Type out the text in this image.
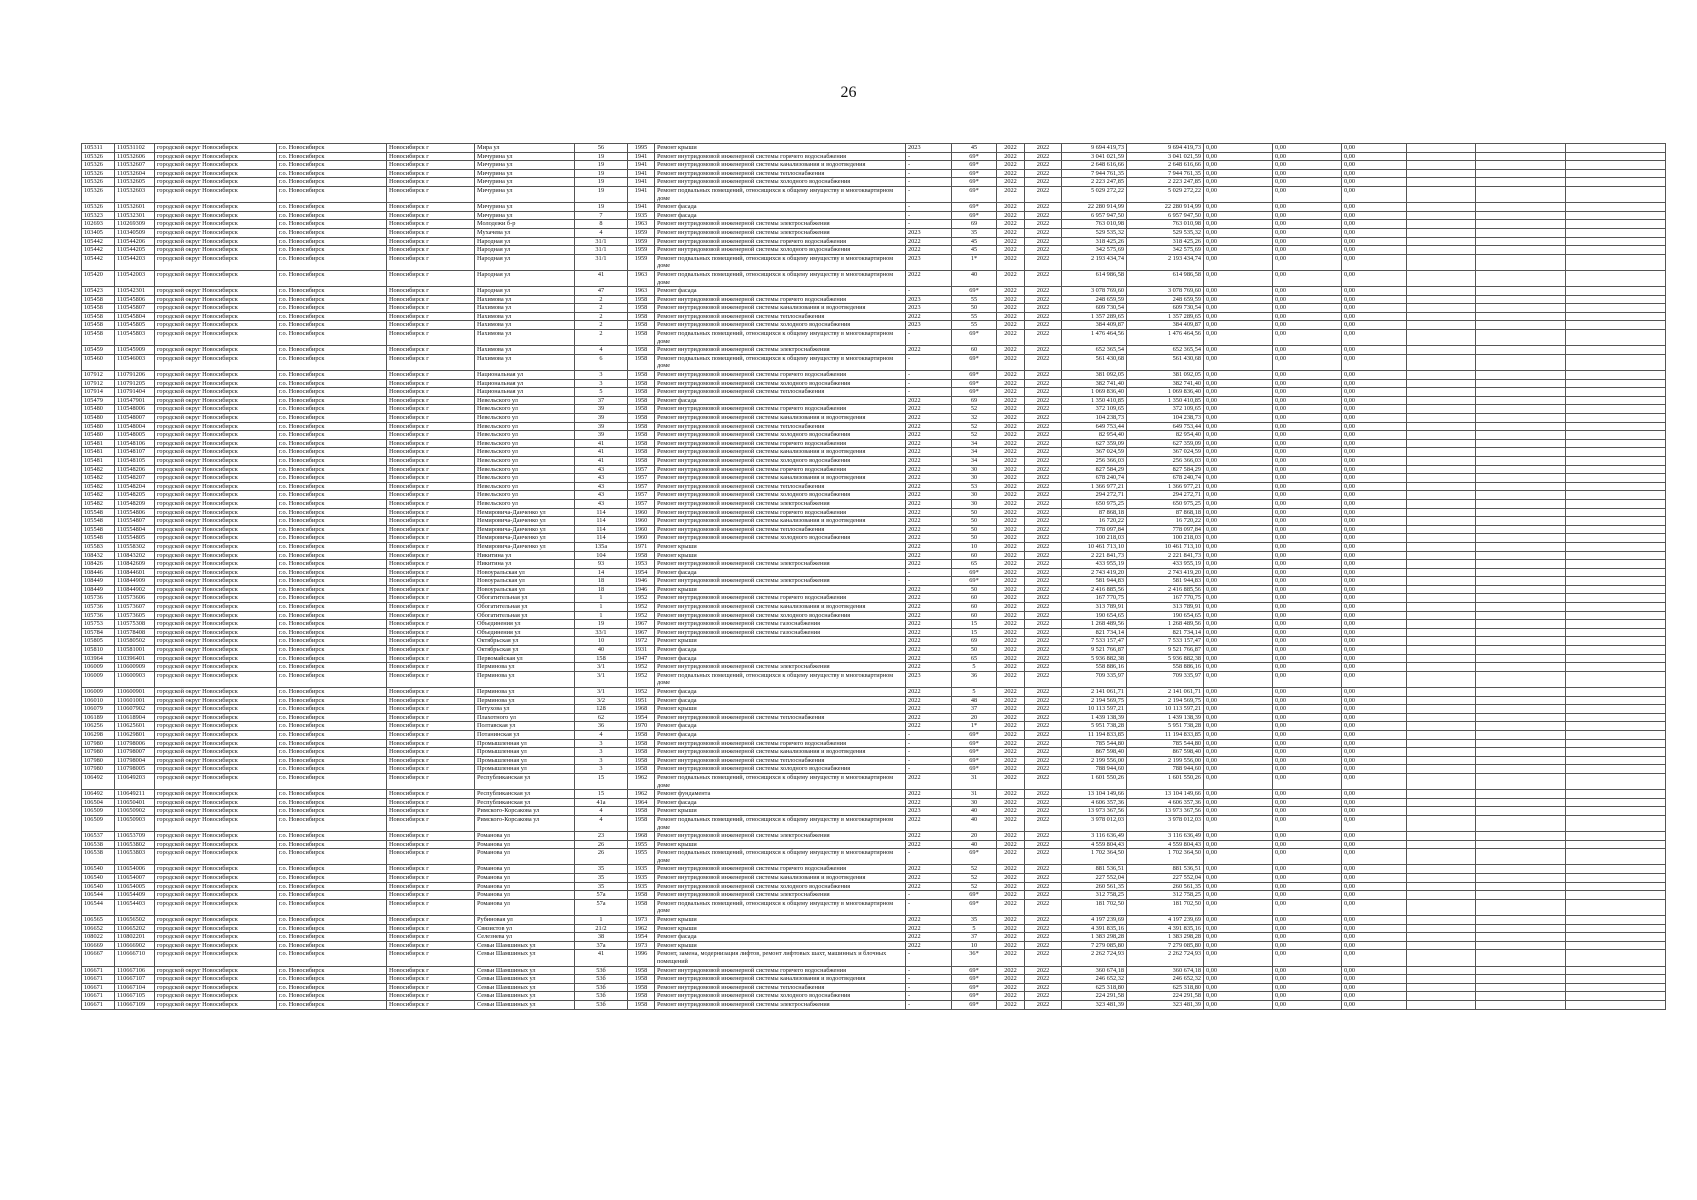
26
105311	110531102	городской округ Новосибирск	г.о. Новосибирск	Новосибирск г	Мира ул	56	1995	Ремонт крыши	2023	45	2022	2022	9 694 419,73	9 694 419,73	0,00	0,00	0,00			
105326	110532606	городской округ Новосибирск	г.о. Новосибирск	Новосибирск г	Мичурина ул	19	1941	Ремонт внутридомовой инженерной системы горячего водоснабжения	-	69*	2022	2022	3 041 021,59	3 041 021,59	0,00	0,00	0,00			
105326	110532607	городской округ Новосибирск	г.о. Новосибирск	Новосибирск г	Мичурина ул	19	1941	Ремонт внутридомовой инженерной системы канализования и водоотведения	-	69*	2022	2022	2 648 616,66	2 648 616,66	0,00	0,00	0,00			
105326	110532604	городской округ Новосибирск	г.о. Новосибирск	Новосибирск г	Мичурина ул	19	1941	Ремонт внутридомовой инженерной системы теплоснабжения	-	69*	2022	2022	7 944 761,35	7 944 761,35	0,00	0,00	0,00			
105326	110532605	городской округ Новосибирск	г.о. Новосибирск	Новосибирск г	Мичурина ул	19	1941	Ремонт внутридомовой инженерной системы холодного водоснабжения	-	69*	2022	2022	2 223 247,85	2 223 247,85	0,00	0,00	0,00			
105326	110532603	городской округ Новосибирск	г.о. Новосибирск	Новосибирск г	Мичурина ул	19	1941	Ремонт подвальных помещений, относящихся к общему имуществу в многоквартирном доме	-	69*	2022	2022	5 029 272,22	5 029 272,22	0,00	0,00	0,00			
105326	110532601	городской округ Новосибирск	г.о. Новосибирск	Новосибирск г	Мичурина ул	19	1941	Ремонт фасада	-	69*	2022	2022	22 280 914,99	22 280 914,99	0,00	0,00	0,00			
105323	110532301	городской округ Новосибирск	г.о. Новосибирск	Новосибирск г	Мичурина ул	7	1935	Ремонт фасада	-	69*	2022	2022	6 957 947,50	6 957 947,50	0,00	0,00	0,00			
102693	110269309	городской округ Новосибирск	г.о. Новосибирск	Новосибирск г	Молодежи б-р	8	1963	Ремонт внутридомовой инженерной системы электроснабжения	-	69	2022	2022	763 010,98	763 010,98	0,00	0,00	0,00			
103405	110340509	городской округ Новосибирск	г.о. Новосибирск	Новосибирск г	Мухачева ул	4	1959	Ремонт внутридомовой инженерной системы электроснабжения	2023	35	2022	2022	529 535,32	529 535,32	0,00	0,00	0,00			
105442	110544206	городской округ Новосибирск	г.о. Новосибирск	Новосибирск г	Народная ул	31/1	1959	Ремонт внутридомовой инженерной системы горячего водоснабжения	2022	45	2022	2022	318 425,26	318 425,26	0,00	0,00	0,00			
105442	110544205	городской округ Новосибирск	г.о. Новосибирск	Новосибирск г	Народная ул	31/1	1959	Ремонт внутридомовой инженерной системы холодного водоснабжения	2022	45	2022	2022	342 575,69	342 575,69	0,00	0,00	0,00			
105442	110544203	городской округ Новосибирск	г.о. Новосибирск	Новосибирск г	Народная ул	31/1	1959	Ремонт подвальных помещений, относящихся к общему имуществу в многоквартирном доме	2023	1*	2022	2022	2 193 434,74	2 193 434,74	0,00	0,00	0,00			
105420	110542003	городской округ Новосибирск	г.о. Новосибирск	Новосибирск г	Народная ул	41	1963	Ремонт подвальных помещений, относящихся к общему имуществу в многоквартирном доме	2022	40	2022	2022	614 986,58	614 986,58	0,00	0,00	0,00			
105423	110542301	городской округ Новосибирск	г.о. Новосибирск	Новосибирск г	Народная ул	47	1963	Ремонт фасада	-	69*	2022	2022	3 078 769,60	3 078 769,60	0,00	0,00	0,00			
105458	110545806	городской округ Новосибирск	г.о. Новосибирск	Новосибирск г	Нахимова ул	2	1958	Ремонт внутридомовой инженерной системы горячего водоснабжения	2023	55	2022	2022	248 659,59	248 659,59	0,00	0,00	0,00			
105458	110545807	городской округ Новосибирск	г.о. Новосибирск	Новосибирск г	Нахимова ул	2	1958	Ремонт внутридомовой инженерной системы канализования и водоотведения	2023	50	2022	2022	609 730,54	609 730,54	0,00	0,00	0,00			
105458	110545804	городской округ Новосибирск	г.о. Новосибирск	Новосибирск г	Нахимова ул	2	1958	Ремонт внутридомовой инженерной системы теплоснабжения	2022	55	2022	2022	1 357 289,65	1 357 289,65	0,00	0,00	0,00			
105458	110545805	городской округ Новосибирск	г.о. Новосибирск	Новосибирск г	Нахимова ул	2	1958	Ремонт внутридомовой инженерной системы холодного водоснабжения	2023	55	2022	2022	384 409,87	384 409,87	0,00	0,00	0,00			
105458	110545803	городской округ Новосибирск	г.о. Новосибирск	Новосибирск г	Нахимова ул	2	1958	Ремонт подвальных помещений, относящихся к общему имуществу в многоквартирном доме	-	69*	2022	2022	1 476 464,56	1 476 464,56	0,00	0,00	0,00			
105459	110545909	городской округ Новосибирск	г.о. Новосибирск	Новосибирск г	Нахимова ул	4	1958	Ремонт внутридомовой инженерной системы электроснабжения	2022	60	2022	2022	652 365,54	652 365,54	0,00	0,00	0,00			
105460	110546003	городской округ Новосибирск	г.о. Новосибирск	Новосибирск г	Нахимова ул	6	1958	Ремонт подвальных помещений, относящихся к общему имуществу в многоквартирном доме	-	69*	2022	2022	561 430,68	561 430,68	0,00	0,00	0,00			
107912	110791206	городской округ Новосибирск	г.о. Новосибирск	Новосибирск г	Национальная ул	3	1958	Ремонт внутридомовой инженерной системы горячего водоснабжения	-	69*	2022	2022	381 092,05	381 092,05	0,00	0,00	0,00			
107912	110791205	городской округ Новосибирск	г.о. Новосибирск	Новосибирск г	Национальная ул	3	1958	Ремонт внутридомовой инженерной системы холодного водоснабжения	-	69*	2022	2022	382 741,40	382 741,40	0,00	0,00	0,00			
107914	110791404	городской округ Новосибирск	г.о. Новосибирск	Новосибирск г	Национальная ул	5	1958	Ремонт внутридомовой инженерной системы теплоснабжения	-	69*	2022	2022	1 069 836,40	1 069 836,40	0,00	0,00	0,00			
105479	110547901	городской округ Новосибирск	г.о. Новосибирск	Новосибирск г	Невельского ул	37	1958	Ремонт фасада	2022	69	2022	2022	1 350 410,85	1 350 410,85	0,00	0,00	0,00			
105480	110548006	городской округ Новосибирск	г.о. Новосибирск	Новосибирск г	Невельского ул	39	1958	Ремонт внутридомовой инженерной системы горячего водоснабжения	2022	52	2022	2022	372 109,65	372 109,65	0,00	0,00	0,00			
105480	110548007	городской округ Новосибирск	г.о. Новосибирск	Новосибирск г	Невельского ул	39	1958	Ремонт внутридомовой инженерной системы канализования и водоотведения	2022	32	2022	2022	104 238,73	104 238,73	0,00	0,00	0,00			
105480	110548004	городской округ Новосибирск	г.о. Новосибирск	Новосибирск г	Невельского ул	39	1958	Ремонт внутридомовой инженерной системы теплоснабжения	2022	52	2022	2022	649 753,44	649 753,44	0,00	0,00	0,00			
105480	110548005	городской округ Новосибирск	г.о. Новосибирск	Новосибирск г	Невельского ул	39	1958	Ремонт внутридомовой инженерной системы холодного водоснабжения	2022	52	2022	2022	82 954,40	82 954,40	0,00	0,00	0,00			
105481	110548106	городской округ Новосибирск	г.о. Новосибирск	Новосибирск г	Невельского ул	41	1958	Ремонт внутридомовой инженерной системы горячего водоснабжения	2022	34	2022	2022	627 359,09	627 359,09	0,00	0,00	0,00			
105481	110548107	городской округ Новосибирск	г.о. Новосибирск	Новосибирск г	Невельского ул	41	1958	Ремонт внутридомовой инженерной системы канализования и водоотведения	2022	34	2022	2022	367 024,59	367 024,59	0,00	0,00	0,00			
105481	110548105	городской округ Новосибирск	г.о. Новосибирск	Новосибирск г	Невельского ул	41	1958	Ремонт внутридомовой инженерной системы холодного водоснабжения	2022	34	2022	2022	256 366,03	256 366,03	0,00	0,00	0,00			
105482	110548206	городской округ Новосибирск	г.о. Новосибирск	Новосибирск г	Невельского ул	43	1957	Ремонт внутридомовой инженерной системы горячего водоснабжения	2022	30	2022	2022	827 584,29	827 584,29	0,00	0,00	0,00			
105482	110548207	городской округ Новосибирск	г.о. Новосибирск	Новосибирск г	Невельского ул	43	1957	Ремонт внутридомовой инженерной системы канализования и водоотведения	2022	30	2022	2022	678 240,74	678 240,74	0,00	0,00	0,00			
105482	110548204	городской округ Новосибирск	г.о. Новосибирск	Новосибирск г	Невельского ул	43	1957	Ремонт внутридомовой инженерной системы теплоснабжения	2022	53	2022	2022	1 366 977,21	1 366 977,21	0,00	0,00	0,00			
105482	110548205	городской округ Новосибирск	г.о. Новосибирск	Новосибирск г	Невельского ул	43	1957	Ремонт внутридомовой инженерной системы холодного водоснабжения	2022	30	2022	2022	294 272,71	294 272,71	0,00	0,00	0,00			
105482	110548209	городской округ Новосибирск	г.о. Новосибирск	Новосибирск г	Невельского ул	43	1957	Ремонт внутридомовой инженерной системы электроснабжения	2022	30	2022	2022	650 975,25	650 975,25	0,00	0,00	0,00			
105548	110554806	городской округ Новосибирск	г.о. Новосибирск	Новосибирск г	Немировича-Данченко ул	114	1960	Ремонт внутридомовой инженерной системы горячего водоснабжения	2022	50	2022	2022	87 868,18	87 868,18	0,00	0,00	0,00			
105548	110554807	городской округ Новосибирск	г.о. Новосибирск	Новосибирск г	Немировича-Данченко ул	114	1960	Ремонт внутридомовой инженерной системы канализования и водоотведения	2022	50	2022	2022	16 720,22	16 720,22	0,00	0,00	0,00			
105548	110554804	городской округ Новосибирск	г.о. Новосибирск	Новосибирск г	Немировича-Данченко ул	114	1960	Ремонт внутридомовой инженерной системы теплоснабжения	2022	50	2022	2022	778 097,84	778 097,84	0,00	0,00	0,00			
105548	110554805	городской округ Новосибирск	г.о. Новосибирск	Новосибирск г	Немировича-Данченко ул	114	1960	Ремонт внутридомовой инженерной системы холодного водоснабжения	2022	50	2022	2022	100 218,03	100 218,03	0,00	0,00	0,00			
105583	110558302	городской округ Новосибирск	г.о. Новосибирск	Новосибирск г	Немировича-Данченко ул	135а	1971	Ремонт крыши	2022	10	2022	2022	10 461 713,10	10 461 713,10	0,00	0,00	0,00			
108432	110843202	городской округ Новосибирск	г.о. Новосибирск	Новосибирск г	Никитина ул	104	1958	Ремонт крыши	2022	60	2022	2022	2 221 841,73	2 221 841,73	0,00	0,00	0,00			
108426	110842609	городской округ Новосибирск	г.о. Новосибирск	Новосибирск г	Никитина ул	93	1953	Ремонт внутридомовой инженерной системы электроснабжения	2022	65	2022	2022	433 955,19	433 955,19	0,00	0,00	0,00			
108446	110844601	городской округ Новосибирск	г.о. Новосибирск	Новосибирск г	Новоуральская ул	14	1954	Ремонт фасада	-	69*	2022	2022	2 743 419,20	2 743 419,20	0,00	0,00	0,00			
108449	110844909	городской округ Новосибирск	г.о. Новосибирск	Новосибирск г	Новоуральская ул	18	1946	Ремонт внутридомовой инженерной системы электроснабжения	-	69*	2022	2022	581 944,83	581 944,83	0,00	0,00	0,00			
108449	110844902	городской округ Новосибирск	г.о. Новосибирск	Новосибирск г	Новоуральская ул	18	1946	Ремонт крыши	2022	50	2022	2022	2 416 885,56	2 416 885,56	0,00	0,00	0,00			
105736	110573606	городской округ Новосибирск	г.о. Новосибирск	Новосибирск г	Обогатительная ул	1	1952	Ремонт внутридомовой инженерной системы горячего водоснабжения	2022	60	2022	2022	167 770,75	167 770,75	0,00	0,00	0,00			
105736	110573607	городской округ Новосибирск	г.о. Новосибирск	Новосибирск г	Обогатительная ул	1	1952	Ремонт внутридомовой инженерной системы канализования и водоотведения	2022	60	2022	2022	313 789,91	313 789,91	0,00	0,00	0,00			
105736	110573605	городской округ Новосибирск	г.о. Новосибирск	Новосибирск г	Обогатительная ул	1	1952	Ремонт внутридомовой инженерной системы холодного водоснабжения	2022	60	2022	2022	190 654,65	190 654,65	0,00	0,00	0,00			
105753	110575308	городской округ Новосибирск	г.о. Новосибирск	Новосибирск г	Объединения ул	19	1967	Ремонт внутридомовой инженерной системы газоснабжения	2022	15	2022	2022	1 268 489,56	1 268 489,56	0,00	0,00	0,00			
105784	110578408	городской округ Новосибирск	г.о. Новосибирск	Новосибирск г	Объединения ул	33/1	1967	Ремонт внутридомовой инженерной системы газоснабжения	2022	15	2022	2022	821 734,14	821 734,14	0,00	0,00	0,00			
105805	110580502	городской округ Новосибирск	г.о. Новосибирск	Новосибирск г	Октябрьская ул	10	1972	Ремонт крыши	2022	69	2022	2022	7 533 157,47	7 533 157,47	0,00	0,00	0,00			
105810	110581001	городской округ Новосибирск	г.о. Новосибирск	Новосибирск г	Октябрьская ул	40	1931	Ремонт фасада	2022	50	2022	2022	9 521 766,87	9 521 766,87	0,00	0,00	0,00			
103964	110396401	городской округ Новосибирск	г.о. Новосибирск	Новосибирск г	Первомайская ул	158	1947	Ремонт фасада	2022	65	2022	2022	5 936 882,38	5 936 882,38	0,00	0,00	0,00			
106009	110600909	городской округ Новосибирск	г.о. Новосибирск	Новосибирск г	Перминова ул	3/1	1952	Ремонт внутридомовой инженерной системы электроснабжения	2022	5	2022	2022	558 886,16	558 886,16	0,00	0,00	0,00			
106009	110600903	городской округ Новосибирск	г.о. Новосибирск	Новосибирск г	Перминова ул	3/1	1952	Ремонт подвальных помещений, относящихся к общему имуществу в многоквартирном доме	2023	36	2022	2022	709 335,97	709 335,97	0,00	0,00	0,00			
106009	110600901	городской округ Новосибирск	г.о. Новосибирск	Новосибирск г	Перминова ул	3/1	1952	Ремонт фасада	2022	5	2022	2022	2 141 061,71	2 141 061,71	0,00	0,00	0,00			
106010	110601001	городской округ Новосибирск	г.о. Новосибирск	Новосибирск г	Перминова ул	3/2	1951	Ремонт фасада	2022	48	2022	2022	2 194 569,75	2 194 569,75	0,00	0,00	0,00			
106079	110607902	городской округ Новосибирск	г.о. Новосибирск	Новосибирск г	Петухова ул	128	1968	Ремонт крыши	2022	37	2022	2022	10 113 597,21	10 113 597,21	0,00	0,00	0,00			
106189	110618904	городской округ Новосибирск	г.о. Новосибирск	Новосибирск г	Плахотного ул	62	1954	Ремонт внутридомовой инженерной системы теплоснабжения	2022	20	2022	2022	1 439 138,39	1 439 138,39	0,00	0,00	0,00			
106256	110625601	городской округ Новосибирск	г.о. Новосибирск	Новосибирск г	Полтавская ул	36	1970	Ремонт фасада	2022	1*	2022	2022	5 951 738,28	5 951 738,28	0,00	0,00	0,00			
106298	110629801	городской округ Новосибирск	г.о. Новосибирск	Новосибирск г	Потанинская ул	4	1958	Ремонт фасада	-	69*	2022	2022	11 194 833,85	11 194 833,85	0,00	0,00	0,00			
107980	110798006	городской округ Новосибирск	г.о. Новосибирск	Новосибирск г	Промышленная ул	3	1958	Ремонт внутридомовой инженерной системы горячего водоснабжения	-	69*	2022	2022	785 544,80	785 544,80	0,00	0,00	0,00			
107980	110798007	городской округ Новосибирск	г.о. Новосибирск	Новосибирск г	Промышленная ул	3	1958	Ремонт внутридомовой инженерной системы канализования и водоотведения	-	69*	2022	2022	867 598,40	867 598,40	0,00	0,00	0,00			
107980	110798004	городской округ Новосибирск	г.о. Новосибирск	Новосибирск г	Промышленная ул	3	1958	Ремонт внутридомовой инженерной системы теплоснабжения	-	69*	2022	2022	2 199 556,00	2 199 556,00	0,00	0,00	0,00			
107980	110798005	городской округ Новосибирск	г.о. Новосибирск	Новосибирск г	Промышленная ул	3	1958	Ремонт внутридомовой инженерной системы холодного водоснабжения	-	69*	2022	2022	788 944,60	788 944,60	0,00	0,00	0,00			
106492	110649203	городской округ Новосибирск	г.о. Новосибирск	Новосибирск г	Республиканская ул	15	1962	Ремонт подвальных помещений, относящихся к общему имуществу в многоквартирном доме	2022	31	2022	2022	1 601 550,26	1 601 550,26	0,00	0,00	0,00			
106492	110649211	городской округ Новосибирск	г.о. Новосибирск	Новосибирск г	Республиканская ул	15	1962	Ремонт фундамента	2022	31	2022	2022	13 104 149,66	13 104 149,66	0,00	0,00	0,00			
106504	110650401	городской округ Новосибирск	г.о. Новосибирск	Новосибирск г	Республиканская ул	41а	1964	Ремонт фасада	2022	30	2022	2022	4 606 357,36	4 606 357,36	0,00	0,00	0,00			
106509	110650902	городской округ Новосибирск	г.о. Новосибирск	Новосибирск г	Римского-Корсакова ул	4	1958	Ремонт крыши	2023	40	2022	2022	13 973 367,56	13 973 367,56	0,00	0,00	0,00			
106509	110650903	городской округ Новосибирск	г.о. Новосибирск	Новосибирск г	Римского-Корсакова ул	4	1958	Ремонт подвальных помещений, относящихся к общему имуществу в многоквартирном доме	2022	40	2022	2022	3 978 012,03	3 978 012,03	0,00	0,00	0,00			
106537	110653709	городской округ Новосибирск	г.о. Новосибирск	Новосибирск г	Романова ул	23	1968	Ремонт внутридомовой инженерной системы электроснабжения	2022	20	2022	2022	3 116 636,49	3 116 636,49	0,00	0,00	0,00			
106538	110653802	городской округ Новосибирск	г.о. Новосибирск	Новосибирск г	Романова ул	26	1955	Ремонт крыши	2022	40	2022	2022	4 559 804,43	4 559 804,43	0,00	0,00	0,00			
106538	110653803	городской округ Новосибирск	г.о. Новосибирск	Новосибирск г	Романова ул	26	1955	Ремонт подвальных помещений, относящихся к общему имуществу в многоквартирном доме	-	69*	2022	2022	1 702 364,50	1 702 364,50	0,00	0,00	0,00			
106540	110654006	городской округ Новосибирск	г.о. Новосибирск	Новосибирск г	Романова ул	35	1935	Ремонт внутридомовой инженерной системы горячего водоснабжения	2022	52	2022	2022	881 536,51	881 536,51	0,00	0,00	0,00			
106540	110654007	городской округ Новосибирск	г.о. Новосибирск	Новосибирск г	Романова ул	35	1935	Ремонт внутридомовой инженерной системы канализования и водоотведения	2022	52	2022	2022	227 552,04	227 552,04	0,00	0,00	0,00			
106540	110654005	городской округ Новосибирск	г.о. Новосибирск	Новосибирск г	Романова ул	35	1935	Ремонт внутридомовой инженерной системы холодного водоснабжения	2022	52	2022	2022	260 561,35	260 561,35	0,00	0,00	0,00			
106544	110654409	городской округ Новосибирск	г.о. Новосибирск	Новосибирск г	Романова ул	57а	1958	Ремонт внутридомовой инженерной системы электроснабжения	-	69*	2022	2022	312 758,25	312 758,25	0,00	0,00	0,00			
106544	110654403	городской округ Новосибирск	г.о. Новосибирск	Новосибирск г	Романова ул	57а	1958	Ремонт подвальных помещений, относящихся к общему имуществу в многоквартирном доме	-	69*	2022	2022	181 702,50	181 702,50	0,00	0,00	0,00			
106565	110656502	городской округ Новосибирск	г.о. Новосибирск	Новосибирск г	Рубиновая ул	1	1973	Ремонт крыши	2022	35	2022	2022	4 197 239,69	4 197 239,69	0,00	0,00	0,00			
106652	110665202	городской округ Новосибирск	г.о. Новосибирск	Новосибирск г	Связистов ул	21/2	1962	Ремонт крыши	2022	5	2022	2022	4 391 835,16	4 391 835,16	0,00	0,00	0,00			
108022	110802201	городской округ Новосибирск	г.о. Новосибирск	Новосибирск г	Селезнева ул	38	1954	Ремонт фасада	2022	37	2022	2022	1 383 298,28	1 383 298,28	0,00	0,00	0,00			
106669	110666902	городской округ Новосибирск	г.о. Новосибирск	Новосибирск г	Семьи Шамшиных ул	37а	1973	Ремонт крыши	2022	10	2022	2022	7 279 085,80	7 279 085,80	0,00	0,00	0,00			
106667	110666710	городской округ Новосибирск	г.о. Новосибирск	Новосибирск г	Семьи Шамшиных ул	41	1996	Ремонт, замена, модернизация лифтов, ремонт лифтовых шахт, машинных и блочных помещений	-	36*	2022	2022	2 262 724,93	2 262 724,93	0,00	0,00	0,00			
106671	110667106	городской округ Новосибирск	г.о. Новосибирск	Новосибирск г	Семьи Шамшиных ул	53б	1958	Ремонт внутридомовой инженерной системы горячего водоснабжения	-	69*	2022	2022	360 674,18	360 674,18	0,00	0,00	0,00			
106671	110667107	городской округ Новосибирск	г.о. Новосибирск	Новосибирск г	Семьи Шамшиных ул	53б	1958	Ремонт внутридомовой инженерной системы канализования и водоотведения	-	69*	2022	2022	246 652,32	246 652,32	0,00	0,00	0,00			
106671	110667104	городской округ Новосибирск	г.о. Новосибирск	Новосибирск г	Семьи Шамшиных ул	53б	1958	Ремонт внутридомовой инженерной системы теплоснабжения	-	69*	2022	2022	625 318,80	625 318,80	0,00	0,00	0,00			
106671	110667105	городской округ Новосибирск	г.о. Новосибирск	Новосибирск г	Семьи Шамшиных ул	53б	1958	Ремонт внутридомовой инженерной системы холодного водоснабжения	-	69*	2022	2022	224 291,58	224 291,58	0,00	0,00	0,00			
106671	110667109	городской округ Новосибирск	г.о. Новосибирск	Новосибирск г	Семьи Шамшиных ул	53б	1958	Ремонт внутридомовой инженерной системы электроснабжения	-	69*	2022	2022	323 481,39	323 481,39	0,00	0,00	0,00			
